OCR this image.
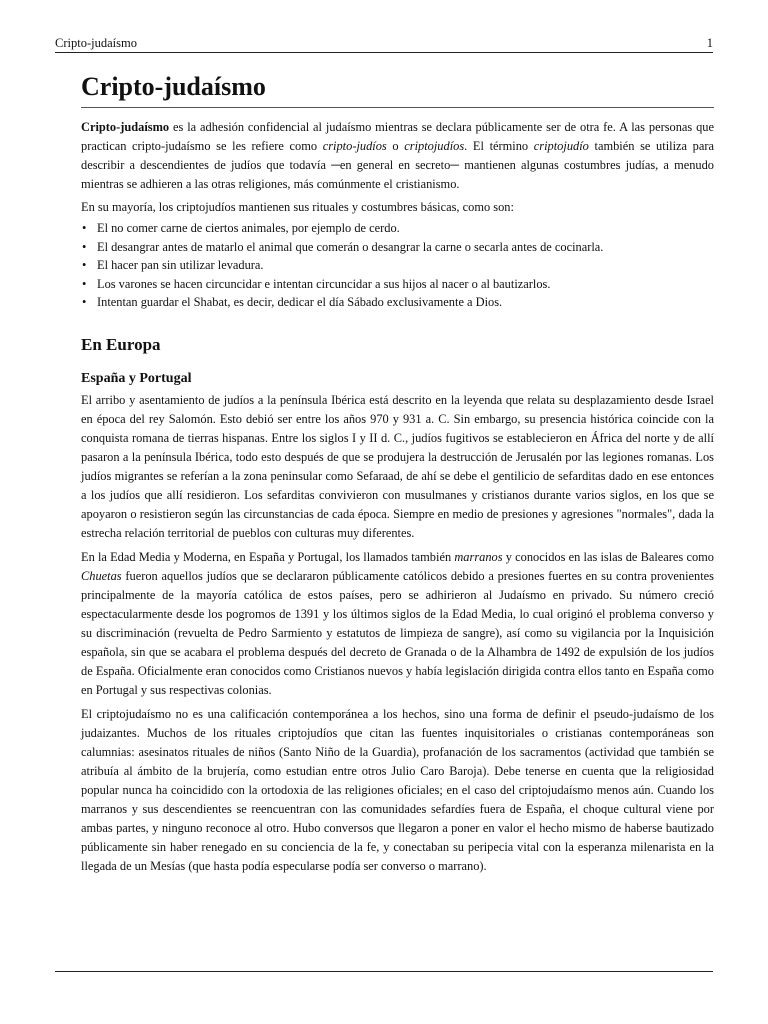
Cripto-judaísmo	1
Cripto-judaísmo

Cripto-judaísmo es la adhesión confidencial al judaísmo mientras se declara públicamente ser de otra fe. A las personas que practican cripto-judaísmo se les refiere como cripto-judíos o criptojudíos. El término criptojudío también se utiliza para describir a descendientes de judíos que todavía ─en general en secreto─ mantienen algunas costumbres judías, a menudo mientras se adhieren a las otras religiones, más comúnmente el cristianismo.

En su mayoría, los criptojudíos mantienen sus rituales y costumbres básicas, como son:

• El no comer carne de ciertos animales, por ejemplo de cerdo.
• El desangrar antes de matarlo el animal que comerán o desangrar la carne o secarla antes de cocinarla.
• El hacer pan sin utilizar levadura.
• Los varones se hacen circuncidar e intentan circuncidar a sus hijos al nacer o al bautizarlos.
• Intentan guardar el Shabat, es decir, dedicar el día Sábado exclusivamente a Dios.
En Europa
España y Portugal

El arribo y asentamiento de judíos a la península Ibérica está descrito en la leyenda que relata su desplazamiento desde Israel en época del rey Salomón. Esto debió ser entre los años 970 y 931 a. C. Sin embargo, su presencia histórica coincide con la conquista romana de tierras hispanas. Entre los siglos I y II d. C., judíos fugitivos se establecieron en África del norte y de allí pasaron a la península Ibérica, todo esto después de que se produjera la destrucción de Jerusalén por las legiones romanas. Los judíos migrantes se referían a la zona peninsular como Sefaraad, de ahí se debe el gentilicio de sefarditas dado en ese entonces a los judíos que allí residieron. Los sefarditas convivieron con musulmanes y cristianos durante varios siglos, en los que se apoyaron o resistieron según las circunstancias de cada época. Siempre en medio de presiones y agresiones "normales", dada la estrecha relación territorial de pueblos con culturas muy diferentes.

En la Edad Media y Moderna, en España y Portugal, los llamados también marranos y conocidos en las islas de Baleares como Chuetas fueron aquellos judíos que se declararon públicamente católicos debido a presiones fuertes en su contra provenientes principalmente de la mayoría católica de estos países, pero se adhirieron al Judaísmo en privado. Su número creció espectacularmente desde los pogromos de 1391 y los últimos siglos de la Edad Media, lo cual originó el problema converso y su discriminación (revuelta de Pedro Sarmiento y estatutos de limpieza de sangre), así como su vigilancia por la Inquisición española, sin que se acabara el problema después del decreto de Granada o de la Alhambra de 1492 de expulsión de los judíos de España. Oficialmente eran conocidos como Cristianos nuevos y había legislación dirigida contra ellos tanto en España como en Portugal y sus respectivas colonias.

El criptojudaísmo no es una calificación contemporánea a los hechos, sino una forma de definir el pseudo-judaísmo de los judaizantes. Muchos de los rituales criptojudíos que citan las fuentes inquisitoriales o cristianas contemporáneas son calumnias: asesinatos rituales de niños (Santo Niño de la Guardia), profanación de los sacramentos (actividad que también se atribuía al ámbito de la brujería, como estudian entre otros Julio Caro Baroja). Debe tenerse en cuenta que la religiosidad popular nunca ha coincidido con la ortodoxia de las religiones oficiales; en el caso del criptojudaísmo menos aún. Cuando los marranos y sus descendientes se reencuentran con las comunidades sefardíes fuera de España, el choque cultural viene por ambas partes, y ninguno reconoce al otro. Hubo conversos que llegaron a poner en valor el hecho mismo de haberse bautizado públicamente sin haber renegado en su conciencia de la fe, y conectaban su peripecia vital con la esperanza milenarista en la llegada de un Mesías (que hasta podía especularse podía ser converso o marrano).
